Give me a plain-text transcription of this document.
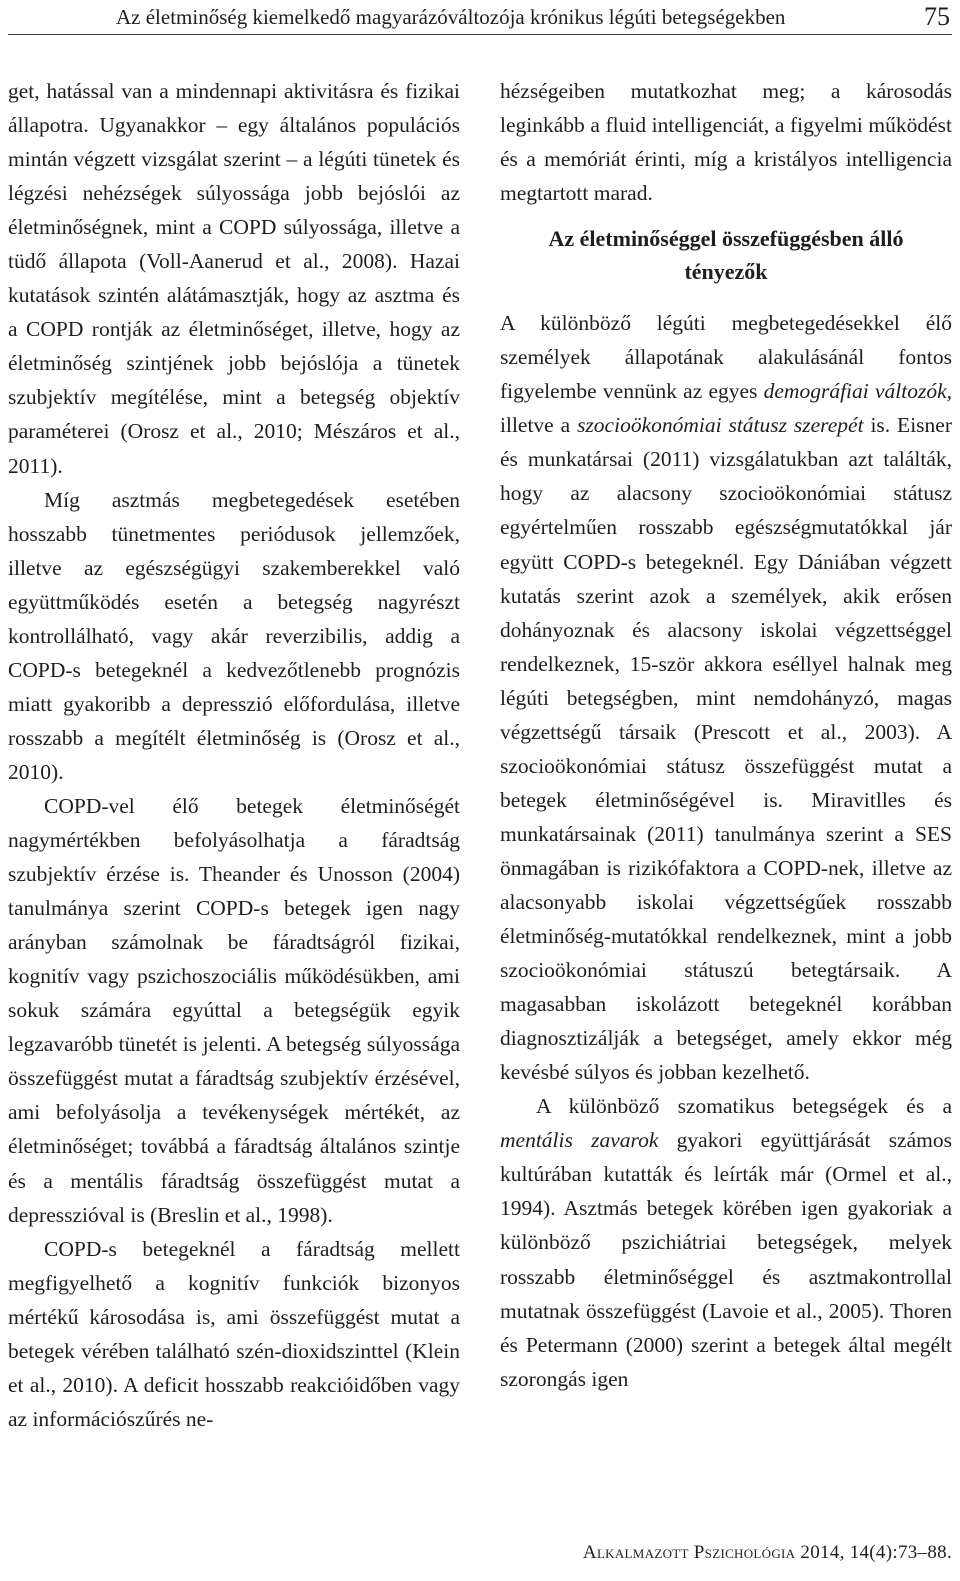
Az életminőség kiemelkedő magyarázóváltozója krónikus légúti betegségekben	75

get, hatással van a mindennapi aktivitásra és fizikai állapotra. Ugyanakkor – egy általános populációs mintán végzett vizsgálat szerint – a légúti tünetek és légzési nehézségek súlyossága jobb bejóslói az életminőségnek, mint a COPD súlyossága, illetve a tüdő állapota (Voll-Aanerud et al., 2008). Hazai kutatások szintén alátámasztják, hogy az asztma és a COPD rontják az életminőséget, illetve, hogy az életminőség szintjének jobb bejóslója a tünetek szubjektív megítélése, mint a betegség objektív paraméterei (Orosz et al., 2010; Mészáros et al., 2011).

Míg asztmás megbetegedések esetében hosszabb tünetmentes periódusok jellemzőek, illetve az egészségügyi szakemberekkel való együttműködés esetén a betegség nagyrészt kontrollálható, vagy akár reverzibilis, addig a COPD-s betegeknél a kedvezőtlenebb prognózis miatt gyakoribb a depresszió előfordulása, illetve rosszabb a megítélt életminőség is (Orosz et al., 2010).

COPD-vel élő betegek életminőségét nagymértékben befolyásolhatja a fáradtság szubjektív érzése is. Theander és Unosson (2004) tanulmánya szerint COPD-s betegek igen nagy arányban számolnak be fáradtságról fizikai, kognitív vagy pszichoszociális működésükben, ami sokuk számára egyúttal a betegségük egyik legzavaróbb tünetét is jelenti. A betegség súlyossága összefüggést mutat a fáradtság szubjektív érzésével, ami befolyásolja a tevékenységek mértékét, az életminőséget; továbbá a fáradtság általános szintje és a mentális fáradtság összefüggést mutat a depresszióval is (Breslin et al., 1998).

COPD-s betegeknél a fáradtság mellett megfigyelhető a kognitív funkciók bizonyos mértékű károsodása is, ami összefüggést mutat a betegek vérében található szén-dioxidszinttel (Klein et al., 2010). A deficit hosszabb reakcióidőben vagy az információszűrés ne-

hézségeiben mutatkozhat meg; a károsodás leginkább a fluid intelligenciát, a figyelmi működést és a memóriát érinti, míg a kristályos intelligencia megtartott marad.

Az életminőséggel összefüggésben álló
tényezők

A különböző légúti megbetegedésekkel élő személyek állapotának alakulásánál fontos figyelembe vennünk az egyes demográfiai változók, illetve a szocioökonómiai státusz szerepét is. Eisner és munkatársai (2011) vizsgálatukban azt találták, hogy az alacsony szocioökonómiai státusz egyértelműen rosszabb egészségmutatókkal jár együtt COPD-s betegeknél. Egy Dániában végzett kutatás szerint azok a személyek, akik erősen dohányoznak és alacsony iskolai végzettséggel rendelkeznek, 15-ször akkora eséllyel halnak meg légúti betegségben, mint nemdohányzó, magas végzettségű társaik (Prescott et al., 2003). A szocioökonómiai státusz összefüggést mutat a betegek életminőségével is. Miravitlles és munkatársainak (2011) tanulmánya szerint a SES önmagában is rizikófaktora a COPD-nek, illetve az alacsonyabb iskolai végzettségűek rosszabb életminőség-mutatókkal rendelkeznek, mint a jobb szocioökonómiai státuszú betegtársaik. A magasabban iskolázott betegeknél korábban diagnosztizálják a betegséget, amely ekkor még kevésbé súlyos és jobban kezelhető.

A különböző szomatikus betegségek és a mentális zavarok gyakori együttjárását számos kultúrában kutatták és leírták már (Ormel et al., 1994). Asztmás betegek körében igen gyakoriak a különböző pszichiátriai betegségek, melyek rosszabb életminőséggel és asztmakontrollal mutatnak összefüggést (Lavoie et al., 2005). Thoren és Petermann (2000) szerint a betegek által megélt szorongás igen

Alkalmazott Pszichológia 2014, 14(4):73–88.
